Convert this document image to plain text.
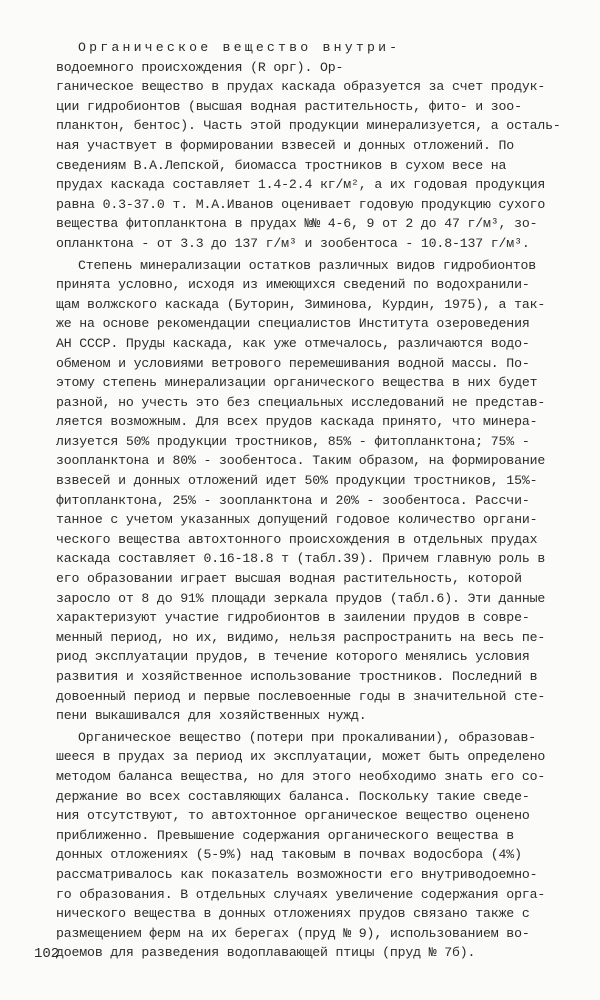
Органическое вещество внутри-
водоемного происхождения (R орг). Ор-
ганическое вещество в прудах каскада образуется за счет продук-
ции гидробионтов (высшая водная растительность, фито- и зоо-
планктон, бентос). Часть этой продукции минерализуется, а осталь-
ная участвует в формировании взвесей и донных отложений. По
сведениям В.А.Лепской, биомасса тростников в сухом весе на
прудах каскада составляет 1.4-2.4 кг/м², а их годовая продукция
равна 0.3-37.0 т. М.А.Иванов оценивает годовую продукцию сухого
вещества фитопланктона в прудах №№ 4-6, 9 от 2 до 47 г/м³, зо-
опланктона - от 3.3 до 137 г/м³ и зообентоса - 10.8-137 г/м³.

Степень минерализации остатков различных видов гидробионтов
принята условно, исходя из имеющихся сведений по водохранили-
щам волжского каскада (Буторин, Зиминова, Курдин, 1975), а так-
же на основе рекомендации специалистов Института озероведения
АН СССР. Пруды каскада, как уже отмечалось, различаются водо-
обменом и условиями ветрового перемешивания водной массы. По-
этому степень минерализации органического вещества в них будет
разной, но учесть это без специальных исследований не представ-
ляется возможным. Для всех прудов каскада принято, что минера-
лизуется 50% продукции тростников, 85% - фитопланктона; 75% -
зоопланктона и 80% - зообентоса. Таким образом, на формирование
взвесей и донных отложений идет 50% продукции тростников, 15%-
фитопланктона, 25% - зоопланктона и 20% - зообентоса. Рассчи-
танное с учетом указанных допущений годовое количество органи-
ческого вещества автохтонного происхождения в отдельных прудах
каскада составляет 0.16-18.8 т (табл.39). Причем главную роль в
его образовании играет высшая водная растительность, которой
заросло от 8 до 91% площади зеркала прудов (табл.6). Эти данные
характеризуют участие гидробионтов в заилении прудов в совре-
менный период, но их, видимо, нельзя распространить на весь пе-
риод эксплуатации прудов, в течение которого менялись условия
развития и хозяйственное использование тростников. Последний в
довоенный период и первые послевоенные годы в значительной сте-
пени выкашивался для хозяйственных нужд.

Органическое вещество (потери при прокаливании), образовав-
шееся в прудах за период их эксплуатации, может быть определено
методом баланса вещества, но для этого необходимо знать его со-
держание во всех составляющих баланса. Поскольку такие сведе-
ния отсутствуют, то автохтонное органическое вещество оценено
приближенно. Превышение содержания органического вещества в
донных отложениях (5-9%) над таковым в почвах водосбора (4%)
рассматривалось как показатель возможности его внутриводоемно-
го образования. В отдельных случаях увеличение содержания орга-
нического вещества в донных отложениях прудов связано также с
размещением ферм на их берегах (пруд № 9), использованием во-
доемов для разведения водоплавающей птицы (пруд № 7б).

102
